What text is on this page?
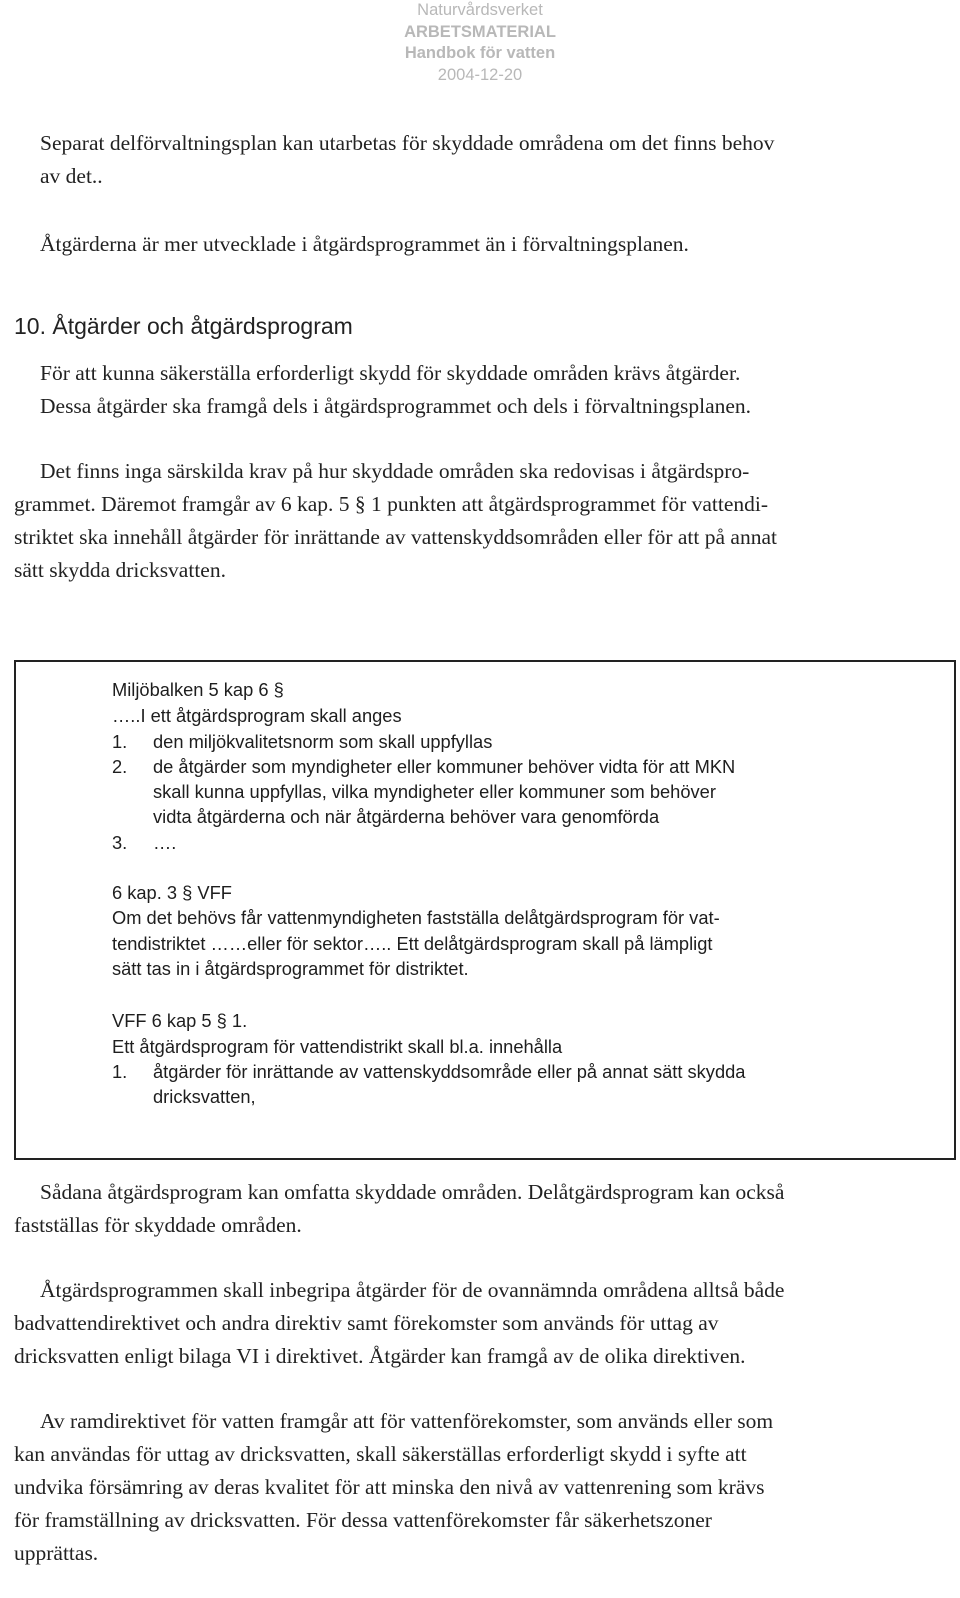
Naturvårdsverket
ARBETSMATERIAL
Handbok för vatten
2004-12-20

Separat delförvaltningsplan kan utarbetas för skyddade områdena om det finns behov

av det..

Åtgärderna är mer utvecklade i åtgärdsprogrammet än i förvaltningsplanen.

10. Åtgärder och åtgärdsprogram

För att kunna säkerställa erforderligt skydd för skyddade områden krävs åtgärder.

Dessa åtgärder ska framgå dels i åtgärdsprogrammet och dels i förvaltningsplanen.

Det finns inga särskilda krav på hur skyddade områden ska redovisas i åtgärdspro-

grammet. Däremot framgår av 6 kap. 5 § 1 punkten att åtgärdsprogrammet för vattendi-

striktet ska innehåll åtgärder för inrättande av vattenskyddsområden eller för att på annat

sätt skydda dricksvatten.

Miljöbalken 5 kap 6 §

…..I ett åtgärdsprogram skall anges

1. den miljökvalitetsnorm som skall uppfyllas

2. de åtgärder som myndigheter eller kommuner behöver vidta för att MKN

skall kunna uppfyllas, vilka myndigheter eller kommuner som behöver

vidta åtgärderna och när åtgärderna behöver vara genomförda

3. ….

6 kap. 3 § VFF

Om det behövs får vattenmyndigheten fastställa delåtgärdsprogram för vat-

tendistriktet ……eller för sektor….. Ett delåtgärdsprogram skall på lämpligt

sätt tas in i åtgärdsprogrammet för distriktet.

VFF 6 kap 5 § 1.

Ett åtgärdsprogram för vattendistrikt skall bl.a. innehålla

1. åtgärder för inrättande av vattenskyddsområde eller på annat sätt skydda

dricksvatten,

Sådana åtgärdsprogram kan omfatta skyddade områden. Delåtgärdsprogram kan också

fastställas för skyddade områden.

Åtgärdsprogrammen skall inbegripa åtgärder för de ovannämnda områdena alltså både

badvattendirektivet och andra direktiv samt förekomster som används för uttag av

dricksvatten enligt bilaga VI i direktivet. Åtgärder kan framgå av de olika direktiven.

Av ramdirektivet för vatten framgår att för vattenförekomster, som används eller som

kan användas för uttag av dricksvatten, skall säkerställas erforderligt skydd i syfte att

undvika försämring av deras kvalitet för att minska den nivå av vattenrening som krävs

för framställning av dricksvatten. För dessa vattenförekomster får säkerhetszoner

upprättas.
